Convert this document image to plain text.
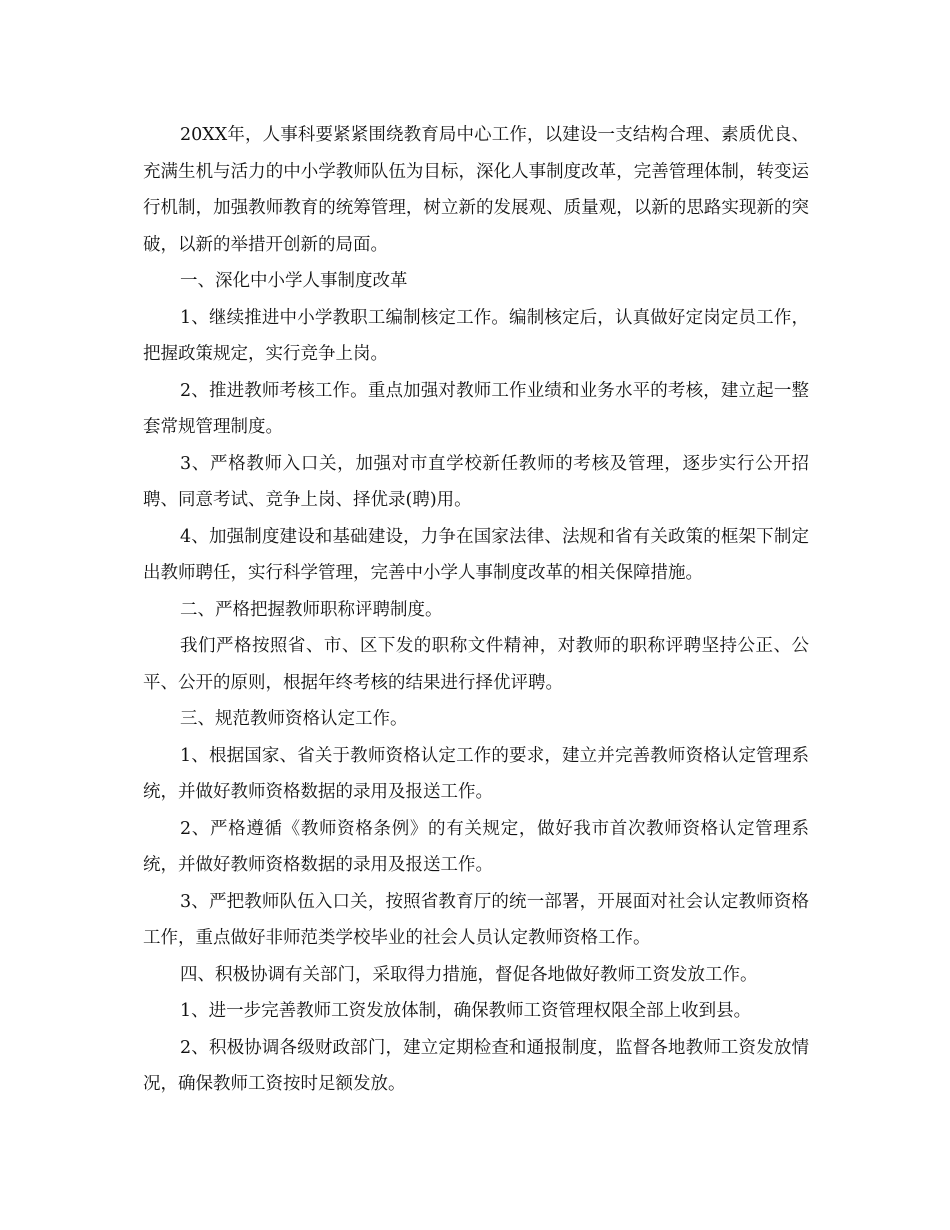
20XX年，人事科要紧紧围绕教育局中心工作，以建设一支结构合理、素质优良、充满生机与活力的中小学教师队伍为目标，深化人事制度改革，完善管理体制，转变运行机制，加强教师教育的统筹管理，树立新的发展观、质量观，以新的思路实现新的突破，以新的举措开创新的局面。

一、深化中小学人事制度改革

1、继续推进中小学教职工编制核定工作。编制核定后，认真做好定岗定员工作，把握政策规定，实行竞争上岗。

2、推进教师考核工作。重点加强对教师工作业绩和业务水平的考核，建立起一整套常规管理制度。

3、严格教师入口关，加强对市直学校新任教师的考核及管理，逐步实行公开招聘、同意考试、竞争上岗、择优录(聘)用。

4、加强制度建设和基础建设，力争在国家法律、法规和省有关政策的框架下制定出教师聘任，实行科学管理，完善中小学人事制度改革的相关保障措施。

二、严格把握教师职称评聘制度。

我们严格按照省、市、区下发的职称文件精神，对教师的职称评聘坚持公正、公平、公开的原则，根据年终考核的结果进行择优评聘。

三、规范教师资格认定工作。

1、根据国家、省关于教师资格认定工作的要求，建立并完善教师资格认定管理系统，并做好教师资格数据的录用及报送工作。

2、严格遵循《教师资格条例》的有关规定，做好我市首次教师资格认定管理系统，并做好教师资格数据的录用及报送工作。

3、严把教师队伍入口关，按照省教育厅的统一部署，开展面对社会认定教师资格工作，重点做好非师范类学校毕业的社会人员认定教师资格工作。

四、积极协调有关部门，采取得力措施，督促各地做好教师工资发放工作。

1、进一步完善教师工资发放体制，确保教师工资管理权限全部上收到县。

2、积极协调各级财政部门，建立定期检查和通报制度，监督各地教师工资发放情况，确保教师工资按时足额发放。
